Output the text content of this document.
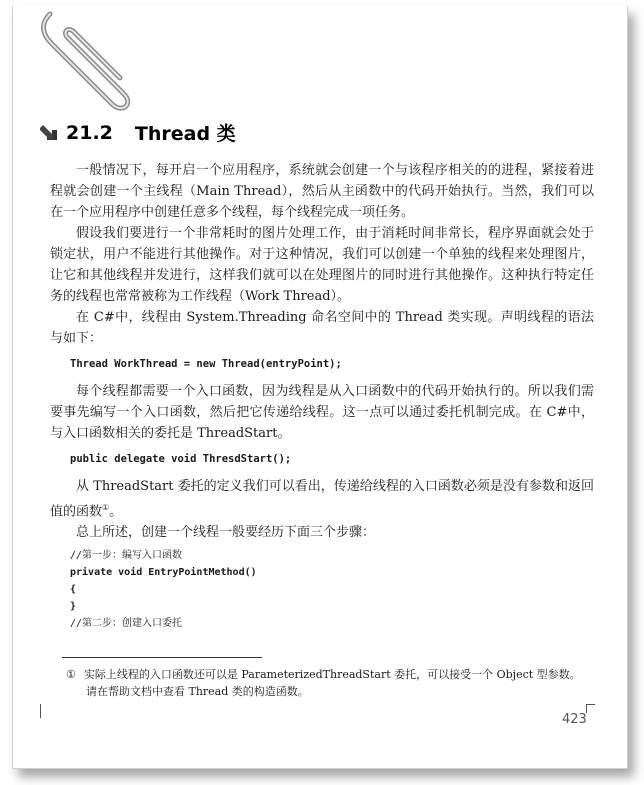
21.2 Thread 类

一般情况下，每开启一个应用程序，系统就会创建一个与该程序相关的的进程，紧接着进程就会创建一个主线程（Main Thread），然后从主函数中的代码开始执行。当然，我们可以在一个应用程序中创建任意多个线程，每个线程完成一项任务。

假设我们要进行一个非常耗时的图片处理工作，由于消耗时间非常长，程序界面就会处于锁定状，用户不能进行其他操作。对于这种情况，我们可以创建一个单独的线程来处理图片，让它和其他线程并发进行，这样我们就可以在处理图片的同时进行其他操作。这种执行特定任务的线程也常常被称为工作线程（Work Thread）。

在 C#中，线程由 System.Threading 命名空间中的 Thread 类实现。声明线程的语法与如下：

Thread WorkThread = new Thread(entryPoint);

每个线程都需要一个入口函数，因为线程是从入口函数中的代码开始执行的。所以我们需要事先编写一个入口函数，然后把它传递给线程。这一点可以通过委托机制完成。在 C#中，与入口函数相关的委托是 ThreadStart。

public delegate void ThresdStart();

从 ThreadStart 委托的定义我们可以看出，传递给线程的入口函数必须是没有参数和返回值的函数①。

总上所述，创建一个线程一般要经历下面三个步骤：

//第一步：编写入口函数
private void EntryPointMethod()
{
}
//第二步：创建入口委托
① 实际上线程的入口函数还可以是 ParameterizedThreadStart 委托，可以接受一个 Object 型参数。
请在帮助文档中查看 Thread 类的构造函数。
423
